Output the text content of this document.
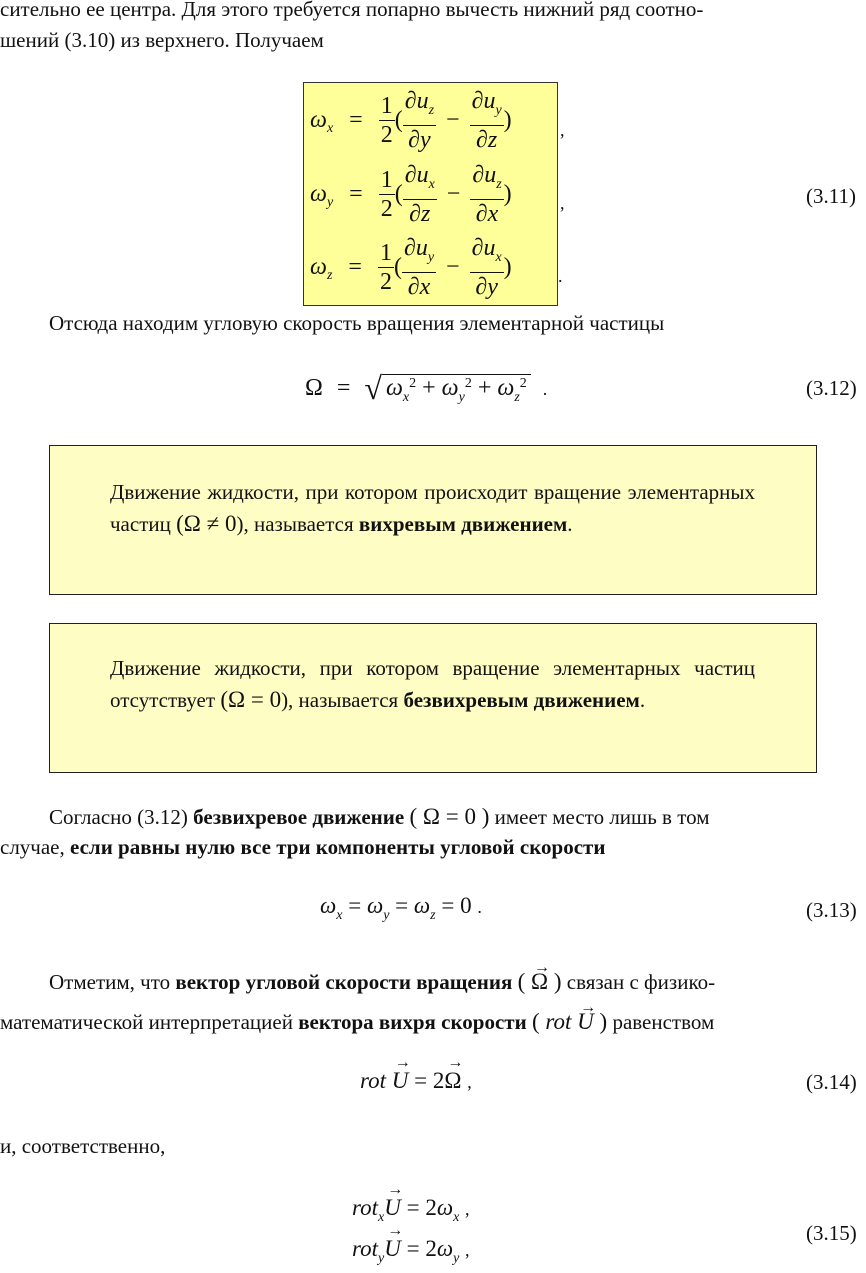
сительно ее центра. Для этого требуется попарно вычесть нижний ряд соотно-
шений (3.10) из верхнего. Получаем
$\omega_x = \frac{1}{2}$ ( $\frac{\partial u_z}{\partial y} - \frac{\partial u_y}{\partial z}$ )
$\omega_y = \frac{1}{2}$ ( $\frac{\partial u_x}{\partial z} - \frac{\partial u_z}{\partial x}$ )
$\omega_z = \frac{1}{2}$ ( $\frac{\partial u_y}{\partial x} - \frac{\partial u_x}{\partial y}$ )
,
,
.
(3.11)
Отсюда находим угловую скорость вращения элементарной частицы
Ω = √ $\omega_x^2 + \omega_y^2 + \omega_z^2$ .	(3.12)
Движение жидкости, при котором происходит вращение элементарных частиц (Ω ≠ 0), называется вихревым движением.
Движение жидкости, при котором вращение элементарных частиц отсутствует (Ω = 0), называется безвихревым движением.
Согласно (3.12) безвихревое движение ( Ω = 0 ) имеет место лишь в том
случае, если равны нулю все три компоненты угловой скорости
$\omega_x = \omega_y = \omega_z = 0$ .	(3.13)
Отметим, что вектор угловой скорости вращения ( → Ω ) связан с физико-
математической интерпретацией вектора вихря скорости ( rot → U ) равенством
rot → U = 2→ Ω ,	(3.14)
и, соответственно,
$rot_x\to U = 2\omega_x$ ,
$rot_y\to U = 2\omega_y$ ,
(3.15)
